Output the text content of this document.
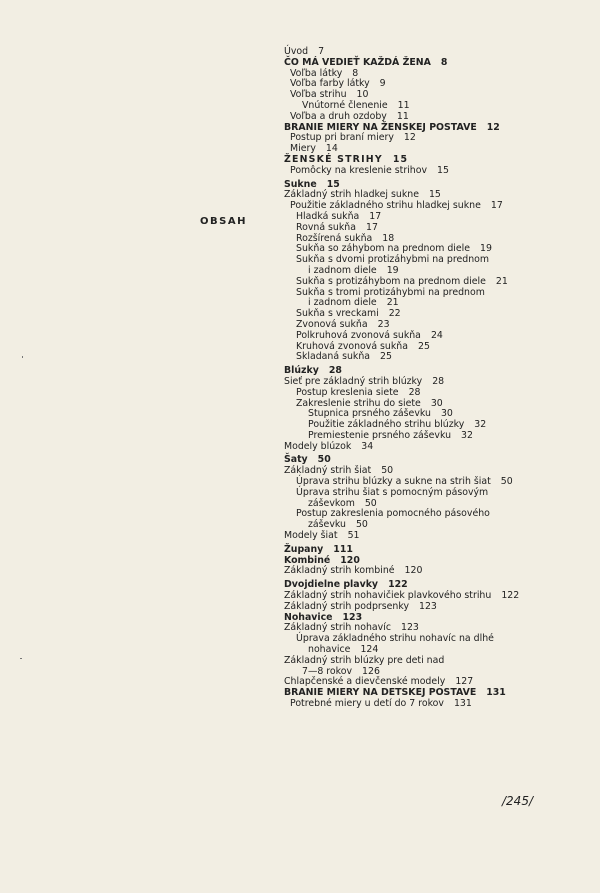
OBSAH
Úvod 7
ČO MÁ VEDIEŤ KAŽDÁ ŽENA 8
Voľba látky 8
Voľba farby látky 9
Voľba strihu 10
Vnútorné členenie 11
Voľba a druh ozdoby 11
BRANIE MIERY NA ŽENSKEJ POSTAVE 12
Postup pri braní miery 12
Miery 14
ŽENSKÉ STRIHY 15
Pomôcky na kreslenie strihov 15
Sukne 15
Základný strih hladkej sukne 15
Použitie základného strihu hladkej sukne 17
Hladká sukňa 17
Rovná sukňa 17
Rozšírená sukňa 18
Sukňa so záhybom na prednom diele 19
Sukňa s dvomi protizáhybmi na prednom
i zadnom diele 19
Sukňa s protizáhybom na prednom diele 21
Sukňa s tromi protizáhybmi na prednom
i zadnom diele 21
Sukňa s vreckami 22
Zvonová sukňa 23
Polkruhová zvonová sukňa 24
Kruhová zvonová sukňa 25
Skladaná sukňa 25
Blúzky 28
Sieť pre základný strih blúzky 28
Postup kreslenia siete 28
Zakreslenie strihu do siete 30
Stupnica prsného záševku 30
Použitie základného strihu blúzky 32
Premiestenie prsného záševku 32
Modely blúzok 34
Šaty 50
Základný strih šiat 50
Úprava strihu blúzky a sukne na strih šiat 50
Úprava strihu šiat s pomocným pásovým
záševkom 50
Postup zakreslenia pomocného pásového
záševku 50
Modely šiat 51
Župany 111
Kombiné 120
Základný strih kombiné 120
Dvojdielne plavky 122
Základný strih nohavičiek plavkového strihu 122
Základný strih podprsenky 123
Nohavice 123
Základný strih nohavíc 123
Úprava základného strihu nohavíc na dlhé
nohavice 124
Základný strih blúzky pre deti nad
7—8 rokov 126
Chlapčenské a dievčenské modely 127
BRANIE MIERY NA DETSKEJ POSTAVE 131
Potrebné miery u detí do 7 rokov 131
/245/
